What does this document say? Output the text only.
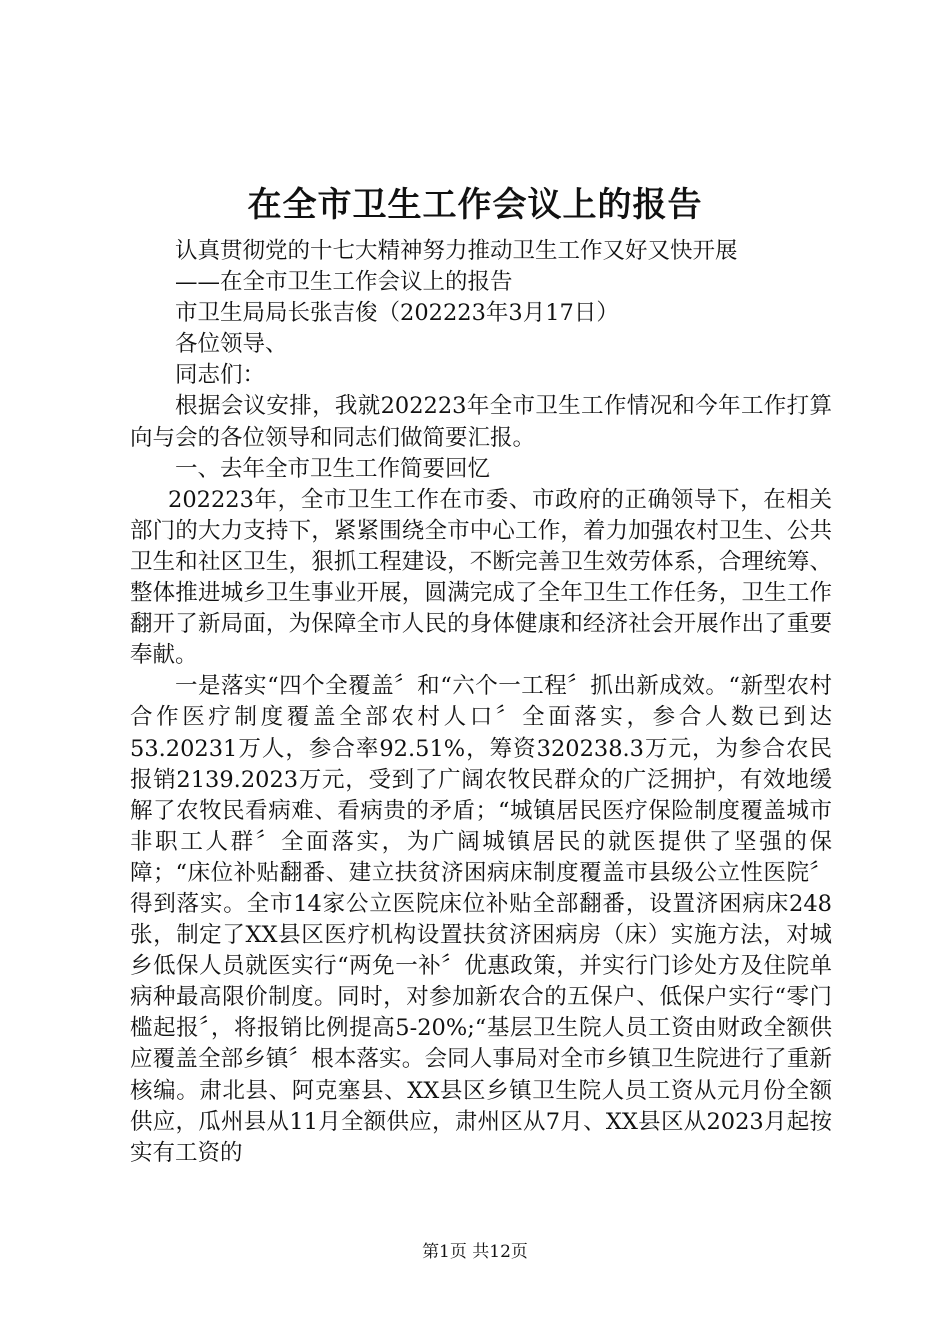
在全市卫生工作会议上的报告

认真贯彻党的十七大精神努力推动卫生工作又好又快开展

——在全市卫生工作会议上的报告

市卫生局局长张吉俊（202223年3月17日）

各位领导、

同志们：

根据会议安排，我就202223年全市卫生工作情况和今年工作打算向与会的各位领导和同志们做简要汇报。

一、去年全市卫生工作简要回忆

202223年，全市卫生工作在市委、市政府的正确领导下，在相关部门的大力支持下，紧紧围绕全市中心工作，着力加强农村卫生、公共卫生和社区卫生，狠抓工程建设，不断完善卫生效劳体系，合理统筹、整体推进城乡卫生事业开展，圆满完成了全年卫生工作任务，卫生工作翻开了新局面，为保障全市人民的身体健康和经济社会开展作出了重要奉献。

一是落实“四个全覆盖〞和“六个一工程〞抓出新成效。“新型农村合作医疗制度覆盖全部农村人口〞全面落实，参合人数已到达53.20231万人，参合率92.51%，筹资320238.3万元，为参合农民报销2139.2023万元，受到了广阔农牧民群众的广泛拥护，有效地缓解了农牧民看病难、看病贵的矛盾；“城镇居民医疗保险制度覆盖城市非职工人群〞全面落实，为广阔城镇居民的就医提供了坚强的保障；“床位补贴翻番、建立扶贫济困病床制度覆盖市县级公立性医院〞得到落实。全市14家公立医院床位补贴全部翻番，设置济困病床248张，制定了XX县区医疗机构设置扶贫济困病房（床）实施方法，对城乡低保人员就医实行“两免一补〞优惠政策，并实行门诊处方及住院单病种最高限价制度。同时，对参加新农合的五保户、低保户实行“零门槛起报〞，将报销比例提高5-20%;“基层卫生院人员工资由财政全额供应覆盖全部乡镇〞根本落实。会同人事局对全市乡镇卫生院进行了重新核编。肃北县、阿克塞县、XX县区乡镇卫生院人员工资从元月份全额供应，瓜州县从11月全额供应，肃州区从7月、XX县区从2023月起按实有工资的

第1页 共12页
